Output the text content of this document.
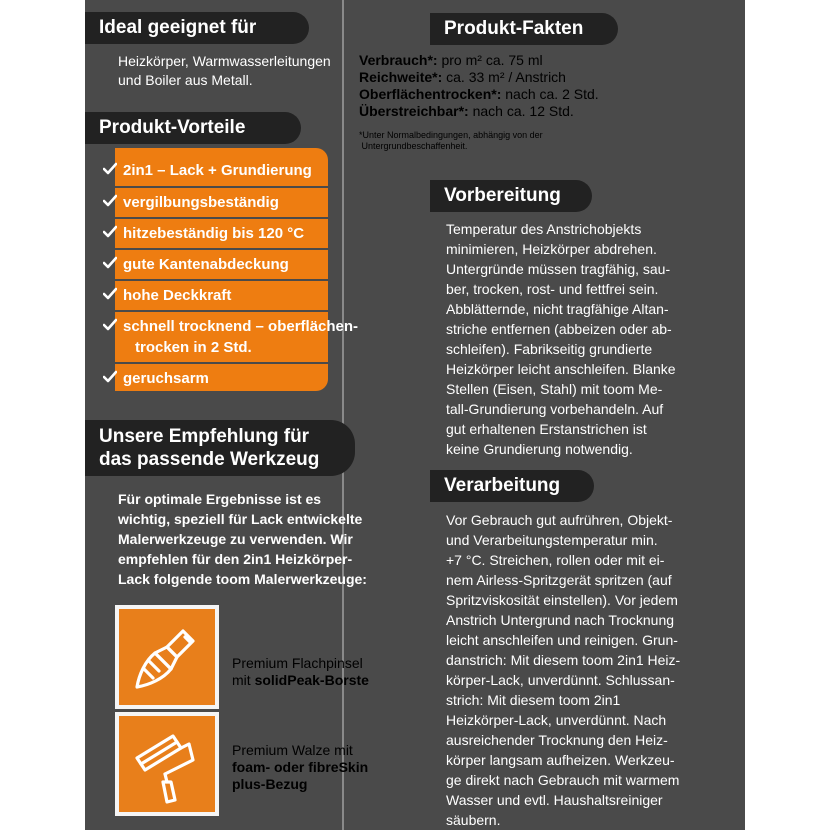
Ideal geeignet für
Heizkörper, Warmwasserleitungen
und Boiler aus Metall.
Produkt-Vorteile
2in1 – Lack + Grundierung
vergilbungsbeständig
hitzebeständig bis 120 °C
gute Kantenabdeckung
hohe Deckkraft
schnell trocknend – oberflächen-
trocken in 2 Std.
geruchsarm
Unsere Empfehlung für
das passende Werkzeug
Für optimale Ergebnisse ist es
wichtig, speziell für Lack entwickelte
Malerwerkzeuge zu verwenden. Wir
empfehlen für den 2in1 Heizkörper-
Lack folgende toom Malerwerkzeuge:
Premium Flachpinsel
mit solidPeak-Borste
Premium Walze mit
foam- oder fibreSkin
plus-Bezug
Produkt-Fakten
Verbrauch*: pro m² ca. 75 ml
Reichweite*: ca. 33 m² / Anstrich
Oberflächentrocken*: nach ca. 2 Std.
Überstreichbar*: nach ca. 12 Std.
*Unter Normalbedingungen, abhängig von der
Untergrundbeschaffenheit.
Vorbereitung
Temperatur des Anstrichobjekts
minimieren, Heizkörper abdrehen.
Untergründe müssen tragfähig, sau-
ber, trocken, rost- und fettfrei sein.
Abblätternde, nicht tragfähige Altan-
striche entfernen (abbeizen oder ab-
schleifen). Fabrikseitig grundierte
Heizkörper leicht anschleifen. Blanke
Stellen (Eisen, Stahl) mit toom Me-
tall-Grundierung vorbehandeln. Auf
gut erhaltenen Erstanstrichen ist
keine Grundierung notwendig.
Verarbeitung
Vor Gebrauch gut aufrühren, Objekt-
und Verarbeitungstemperatur min.
+7 °C. Streichen, rollen oder mit ei-
nem Airless-Spritzgerät spritzen (auf
Spritzviskosität einstellen). Vor jedem
Anstrich Untergrund nach Trocknung
leicht anschleifen und reinigen. Grun-
danstrich: Mit diesem toom 2in1 Heiz-
körper-Lack, unverdünnt. Schlussan-
strich: Mit diesem toom 2in1
Heizkörper-Lack, unverdünnt. Nach
ausreichender Trocknung den Heiz-
körper langsam aufheizen. Werkzeu-
ge direkt nach Gebrauch mit warmem
Wasser und evtl. Haushaltsreiniger
säubern.
